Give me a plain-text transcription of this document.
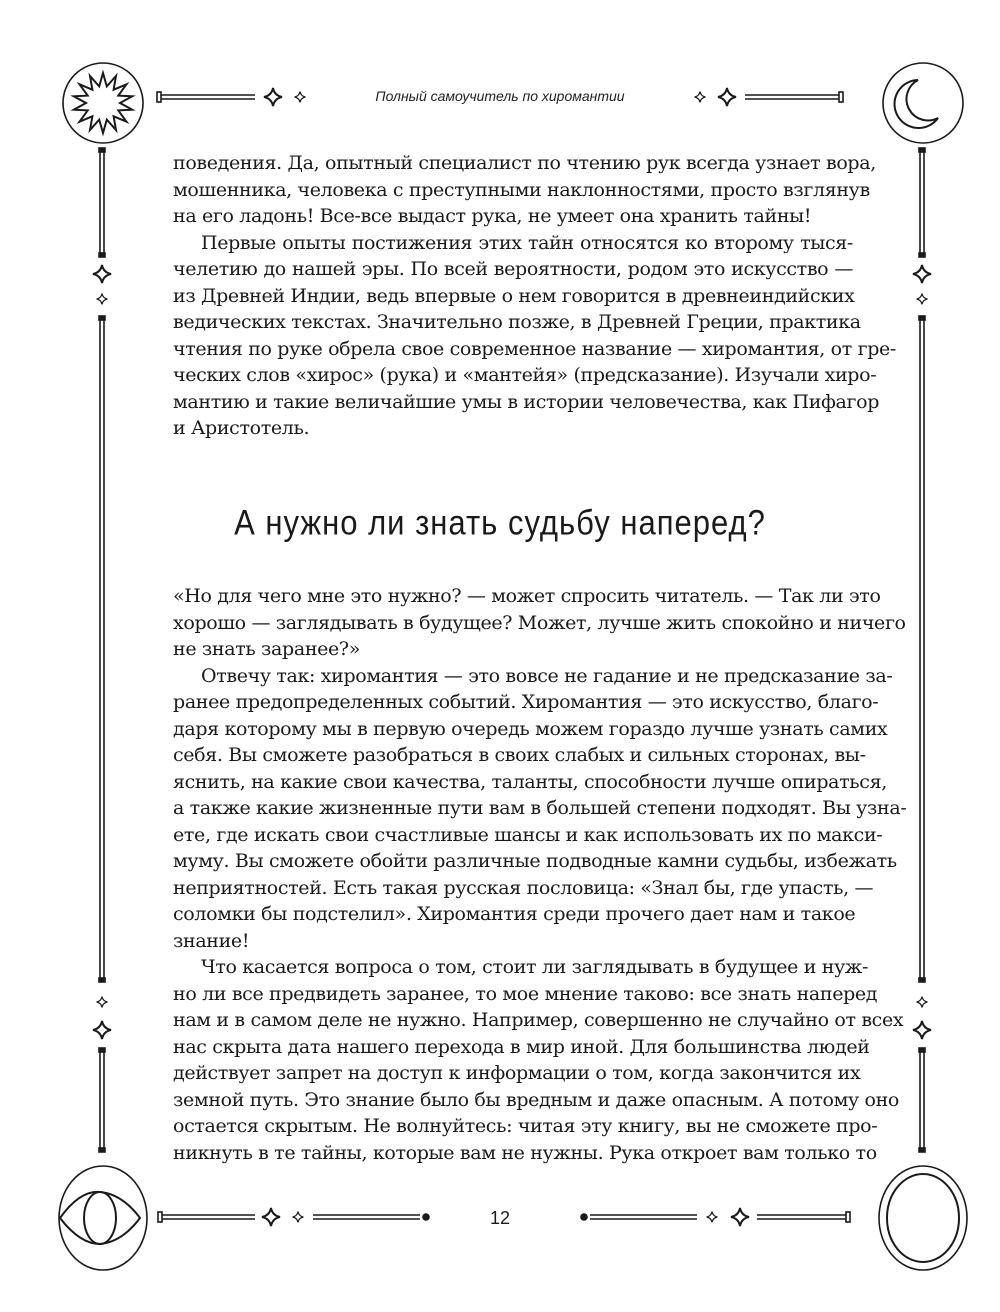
Полный самоучитель по хиромантии
поведения. Да, опытный специалист по чтению рук всегда узнает вора,
мошенника, человека с преступными наклонностями, просто взглянув
на его ладонь! Все-все выдаст рука, не умеет она хранить тайны!
Первые опыты постижения этих тайн относятся ко второму тыся-
челетию до нашей эры. По всей вероятности, родом это искусство —
из Древней Индии, ведь впервые о нем говорится в древнеиндийских
ведических текстах. Значительно позже, в Древней Греции, практика
чтения по руке обрела свое современное название — хиромантия, от гре-
ческих слов «хирос» (рука) и «мантейя» (предсказание). Изучали хиро-
мантию и такие величайшие умы в истории человечества, как Пифагор
и Аристотель.
А нужно ли знать судьбу наперед?
«Но для чего мне это нужно? — может спросить читатель. — Так ли это
хорошо — заглядывать в будущее? Может, лучше жить спокойно и ничего
не знать заранее?»
Отвечу так: хиромантия — это вовсе не гадание и не предсказание за-
ранее предопределенных событий. Хиромантия — это искусство, благо-
даря которому мы в первую очередь можем гораздо лучше узнать самих
себя. Вы сможете разобраться в своих слабых и сильных сторонах, вы-
яснить, на какие свои качества, таланты, способности лучше опираться,
а также какие жизненные пути вам в большей степени подходят. Вы узна-
ете, где искать свои счастливые шансы и как использовать их по макси-
муму. Вы сможете обойти различные подводные камни судьбы, избежать
неприятностей. Есть такая русская пословица: «Знал бы, где упасть, —
соломки бы подстелил». Хиромантия среди прочего дает нам и такое
знание!
Что касается вопроса о том, стоит ли заглядывать в будущее и нуж-
но ли все предвидеть заранее, то мое мнение таково: все знать наперед
нам и в самом деле не нужно. Например, совершенно не случайно от всех
нас скрыта дата нашего перехода в мир иной. Для большинства людей
действует запрет на доступ к информации о том, когда закончится их
земной путь. Это знание было бы вредным и даже опасным. А потому оно
остается скрытым. Не волнуйтесь: читая эту книгу, вы не сможете про-
никнуть в те тайны, которые вам не нужны. Рука откроет вам только то
12
